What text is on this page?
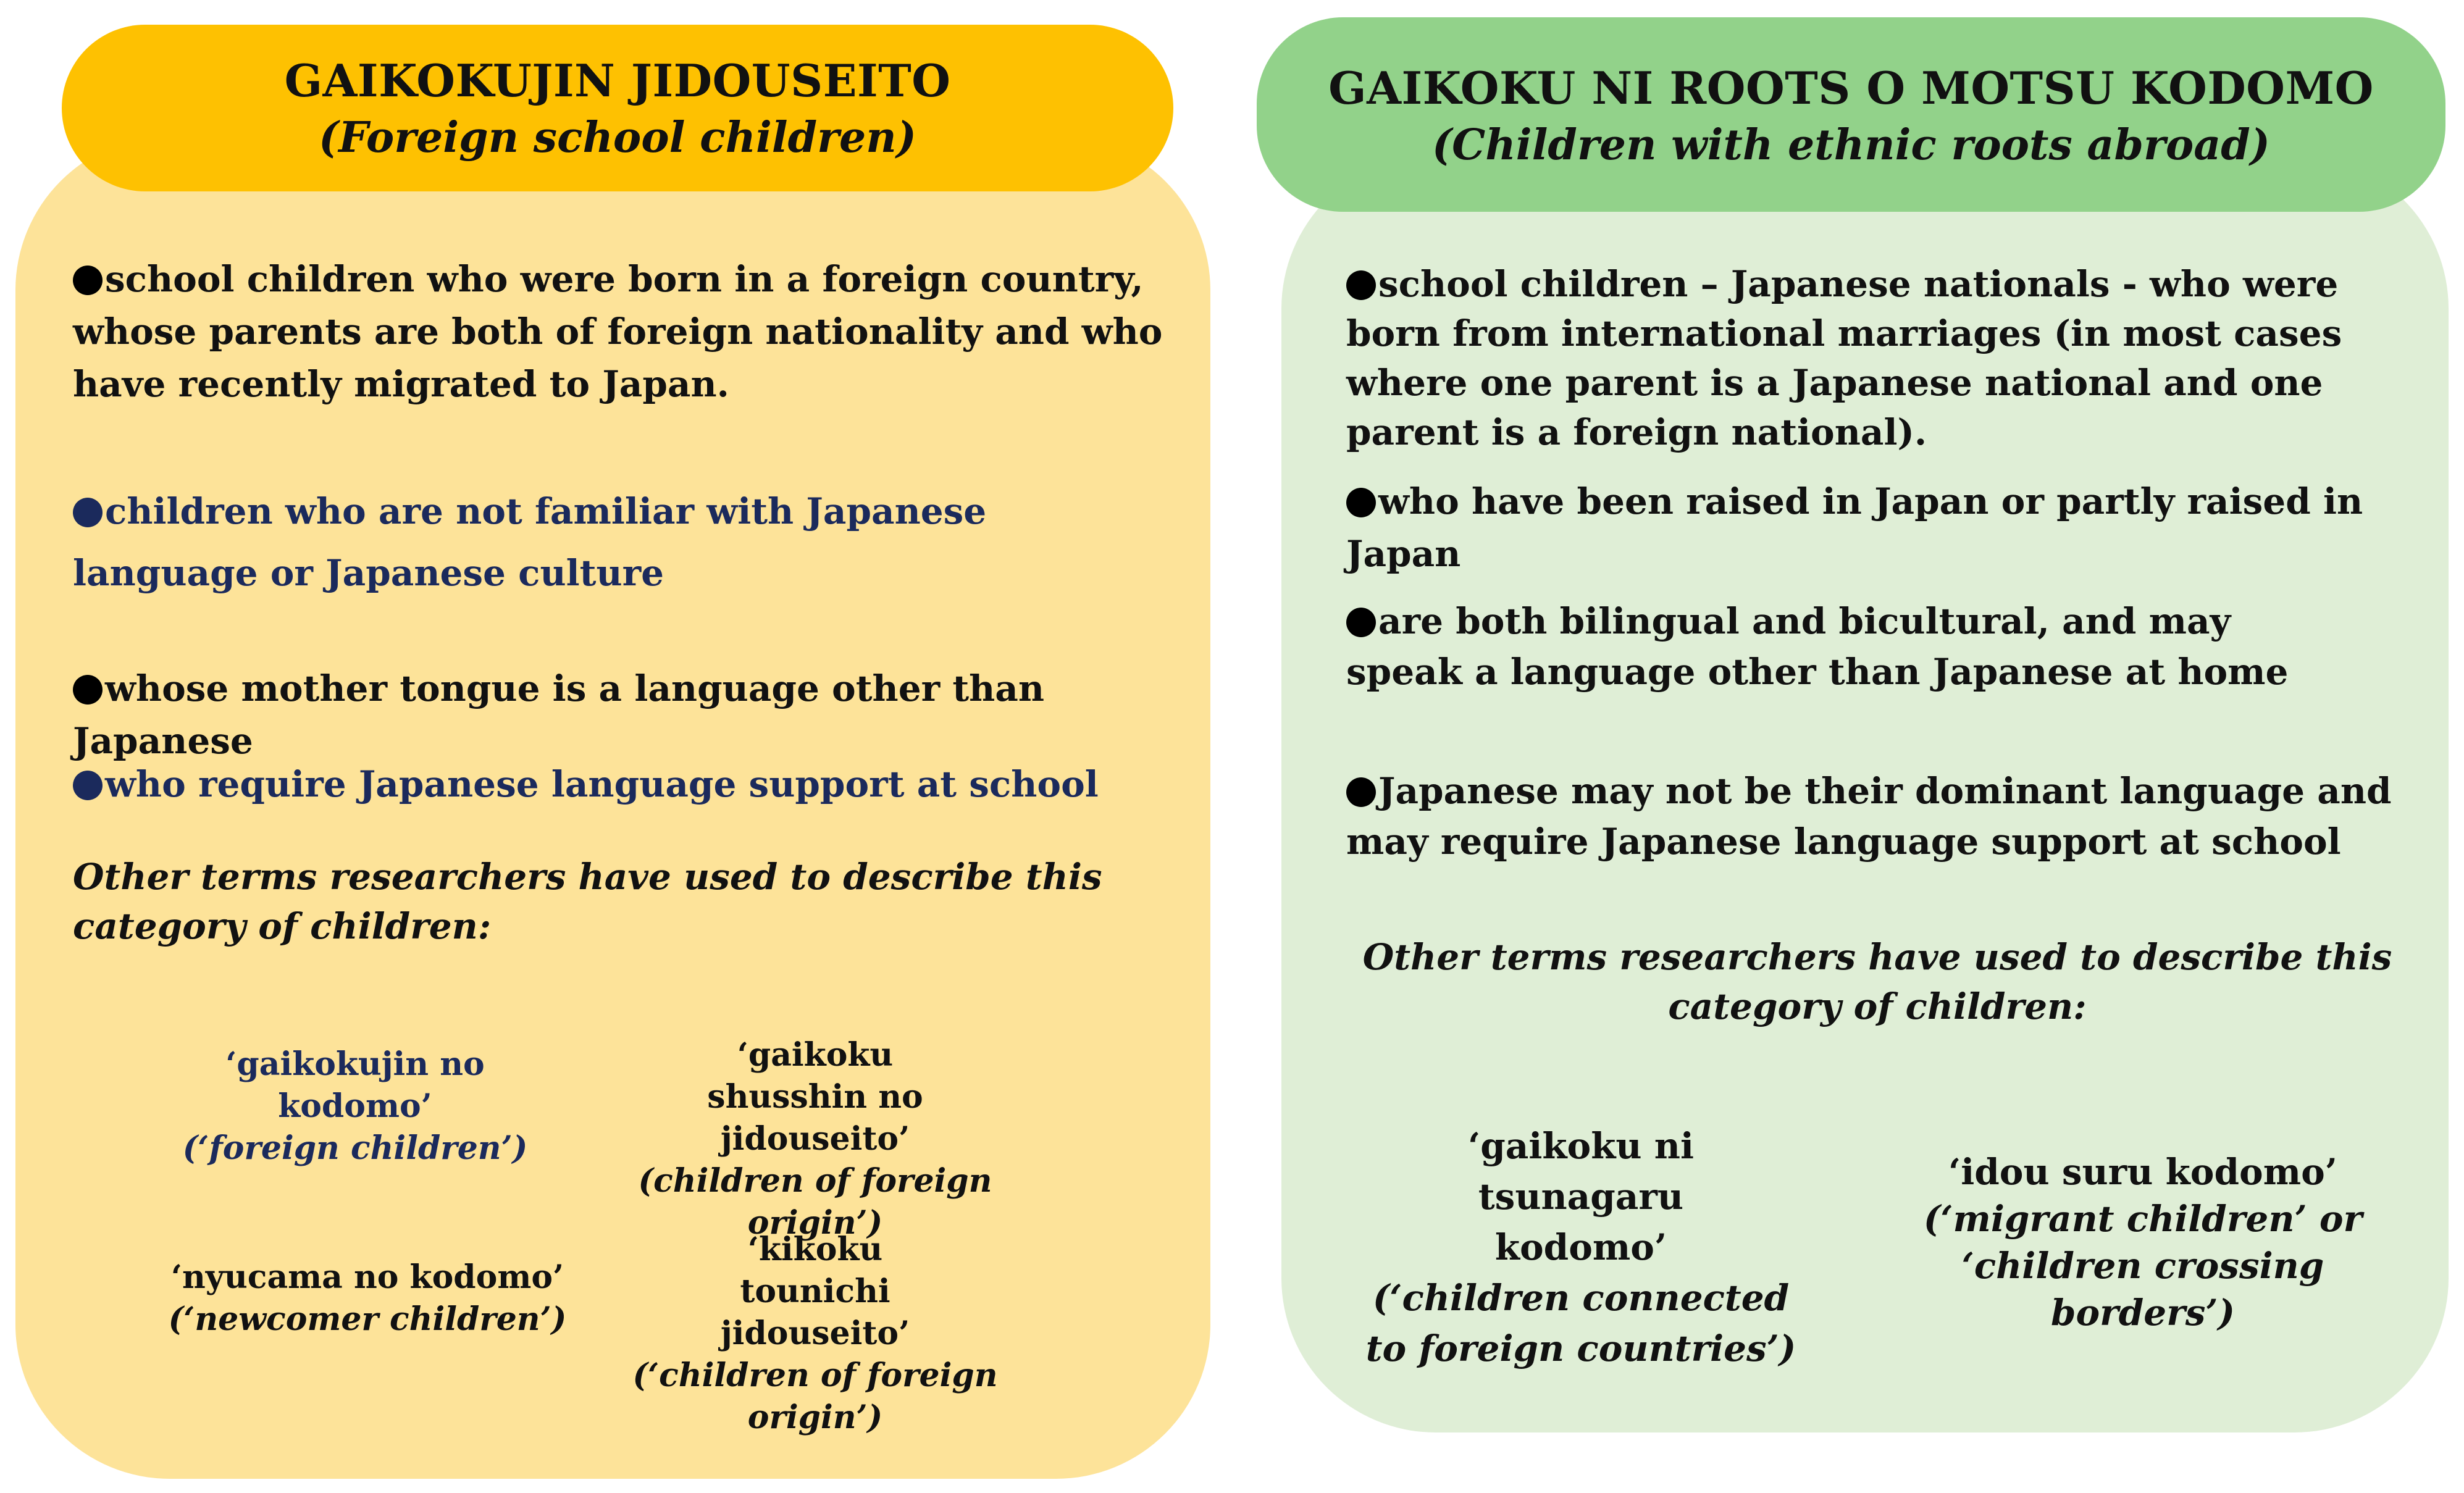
GAIKOKUJIN JIDOUSEITO
(Foreign school children)

school children who were born in a foreign country, whose parents are both of foreign nationality and who have recently migrated to Japan.

children who are not familiar with Japanese language or Japanese culture

whose mother tongue is a language other than Japanese

who require Japanese language support at school

Other terms researchers have used to describe this category of children:

‘gaikokujin no kodomo’
(‘foreign children’)
‘gaikoku shusshin no jidouseito’
(children of foreign origin’)
‘nyucama no kodomo’
(‘newcomer children’)
‘kikoku tounichi jidouseito’
(‘children of foreign origin’)
GAIKOKU NI ROOTS O MOTSU KODOMO
(Children with ethnic roots abroad)

school children – Japanese nationals - who were born from international marriages (in most cases where one parent is a Japanese national and one parent is a foreign national).

who have been raised in Japan or partly raised in Japan

are both bilingual and bicultural, and may speak a language other than Japanese at home

Japanese may not be their dominant language and may require Japanese language support at school

Other terms researchers have used to describe this category of children:

‘gaikoku ni tsunagaru kodomo’
(‘children connected to foreign countries’)
‘idou suru kodomo’
(‘migrant children’ or ‘children crossing borders’)
